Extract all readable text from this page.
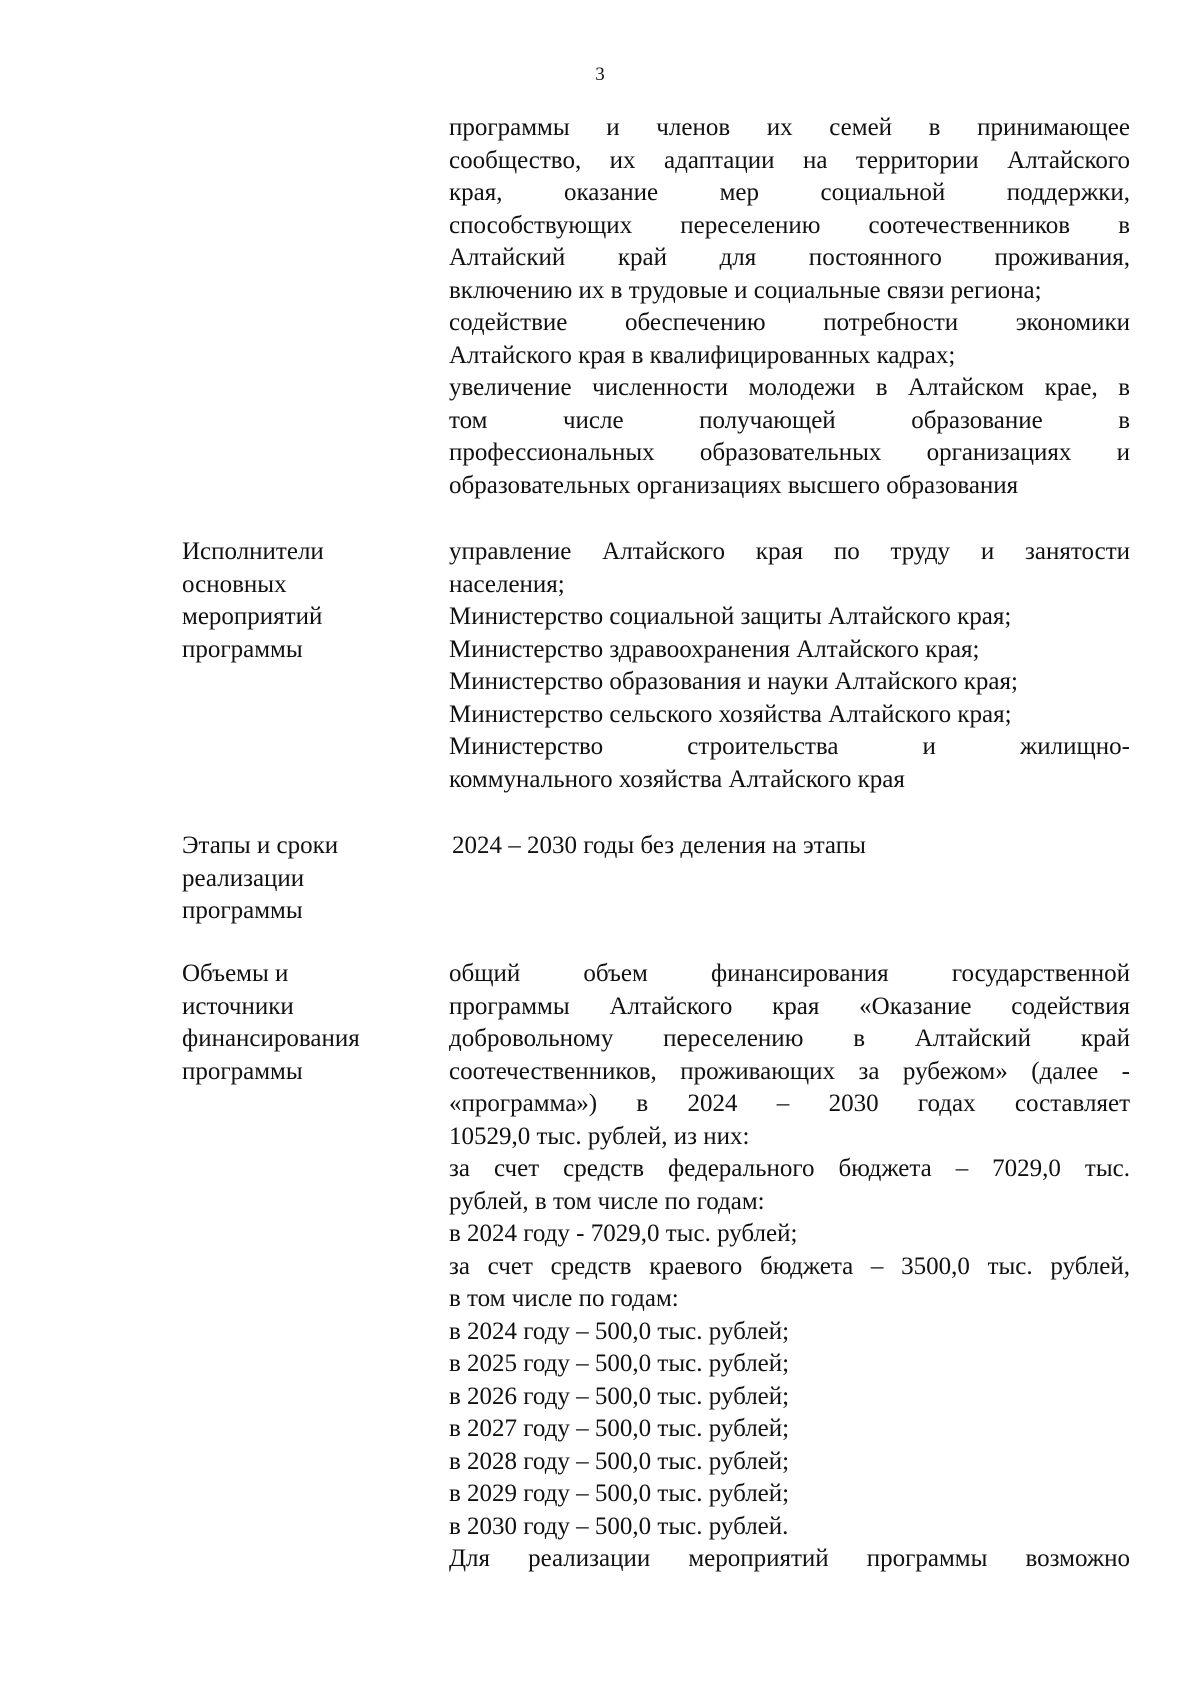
3
программы и членов их семей в принимающее
сообщество, их адаптации на территории Алтайского
края, оказание мер социальной поддержки,
способствующих переселению соотечественников в
Алтайский край для постоянного проживания,
включению их в трудовые и социальные связи региона;
содействие обеспечению потребности экономики
Алтайского края в квалифицированных кадрах;
увеличение численности молодежи в Алтайском крае, в
том числе получающей образование в
профессиональных образовательных организациях и
образовательных организациях высшего образования
Исполнители
основных
мероприятий
программы
управление Алтайского края по труду и занятости
населения;
Министерство социальной защиты Алтайского края;
Министерство здравоохранения Алтайского края;
Министерство образования и науки Алтайского края;
Министерство сельского хозяйства Алтайского края;
Министерство строительства и жилищно-
коммунального хозяйства Алтайского края
Этапы и сроки
реализации
программы
2024 – 2030 годы без деления на этапы
Объемы и
источники
финансирования
программы
общий объем финансирования государственной
программы Алтайского края «Оказание содействия
добровольному переселению в Алтайский край
соотечественников, проживающих за рубежом» (далее -
«программа») в 2024 – 2030 годах составляет
10529,0 тыс. рублей, из них:
за счет средств федерального бюджета – 7029,0 тыс.
рублей, в том числе по годам:
в 2024 году - 7029,0 тыс. рублей;
за счет средств краевого бюджета – 3500,0 тыс. рублей,
в том числе по годам:
в 2024 году – 500,0 тыс. рублей;
в 2025 году – 500,0 тыс. рублей;
в 2026 году – 500,0 тыс. рублей;
в 2027 году – 500,0 тыс. рублей;
в 2028 году – 500,0 тыс. рублей;
в 2029 году – 500,0 тыс. рублей;
в 2030 году – 500,0 тыс. рублей.
Для реализации мероприятий программы возможно
